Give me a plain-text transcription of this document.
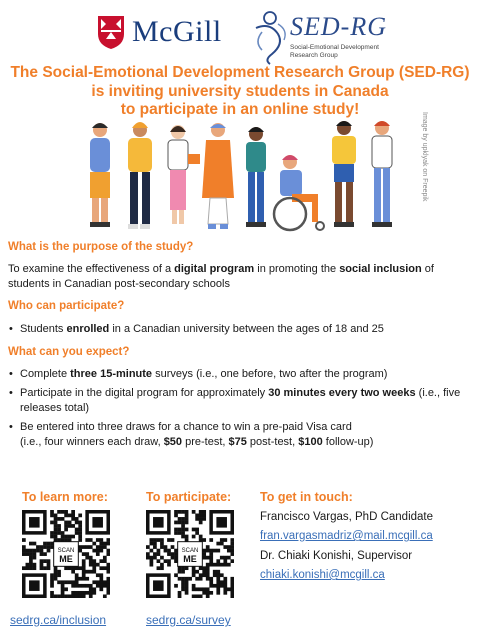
McGill	SED-RG
Social-Emotional Development
Research Group
The Social-Emotional Development Research Group (SED-RG)
is inviting university students in Canada
to participate in an online study!
Image by upklyak on Freepik
What is the purpose of the study?
To examine the effectiveness of a digital program in promoting the social inclusion of students in Canadian post-secondary schools
Who can participate?
• Students enrolled in a Canadian university between the ages of 18 and 25
What can you expect?
• Complete three 15-minute surveys (i.e., one before, two after the program)
• Participate in the digital program for approximately 30 minutes every two weeks (i.e., five releases total)
• Be entered into three draws for a chance to win a pre-paid Visa card
(i.e., four winners each draw, $50 pre-test, $75 post-test, $100 follow-up)
To learn more:	To participate: To get in touch:
SCAN
ME
SCAN
ME
sedrg.ca/inclusion	sedrg.ca/survey
Francisco Vargas, PhD Candidate
fran.vargasmadriz@mail.mcgill.ca
Dr. Chiaki Konishi, Supervisor
chiaki.konishi@mcgill.ca
